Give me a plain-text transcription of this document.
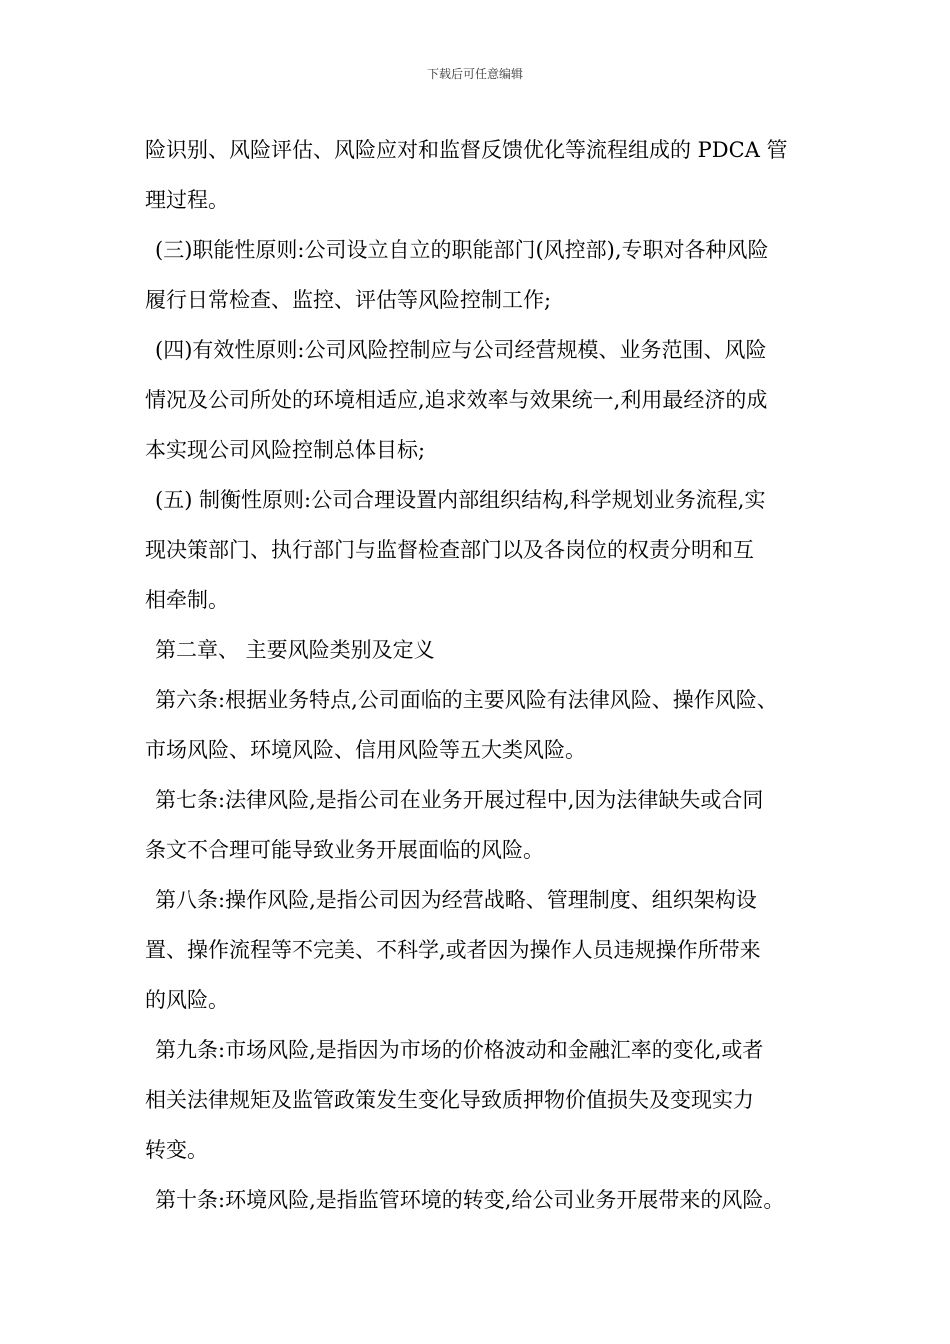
下载后可任意编辑
险识别、风险评估、风险应对和监督反馈优化等流程组成的 PDCA 管
理过程。
(三)职能性原则:公司设立自立的职能部门(风控部),专职对各种风险
履行日常检查、监控、评估等风险控制工作;
(四)有效性原则:公司风险控制应与公司经营规模、业务范围、风险
情况及公司所处的环境相适应,追求效率与效果统一,利用最经济的成
本实现公司风险控制总体目标;
(五) 制衡性原则:公司合理设置内部组织结构,科学规划业务流程,实
现决策部门、执行部门与监督检查部门以及各岗位的权责分明和互
相牵制。
第二章、 主要风险类别及定义
第六条:根据业务特点,公司面临的主要风险有法律风险、操作风险、
市场风险、环境风险、信用风险等五大类风险。
第七条:法律风险,是指公司在业务开展过程中,因为法律缺失或合同
条文不合理可能导致业务开展面临的风险。
第八条:操作风险,是指公司因为经营战略、管理制度、组织架构设
置、操作流程等不完美、不科学,或者因为操作人员违规操作所带来
的风险。
第九条:市场风险,是指因为市场的价格波动和金融汇率的变化,或者
相关法律规矩及监管政策发生变化导致质押物价值损失及变现实力
转变。
第十条:环境风险,是指监管环境的转变,给公司业务开展带来的风险。
